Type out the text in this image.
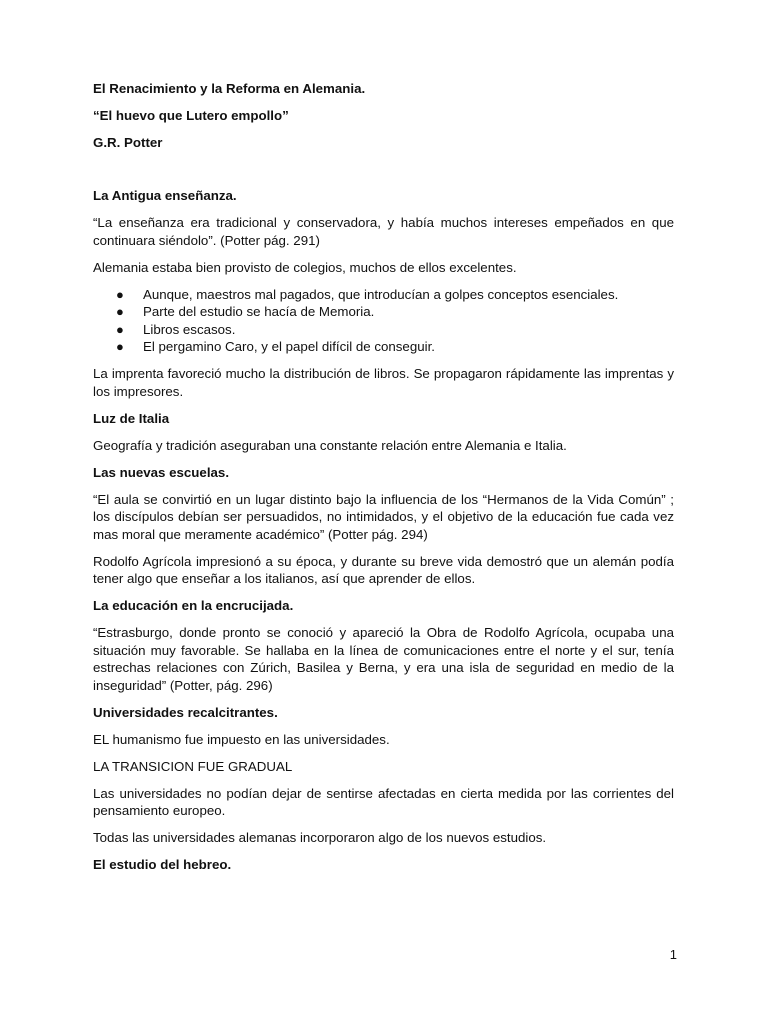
El Renacimiento y la Reforma en Alemania.

“El huevo que Lutero empollo”

G.R. Potter

La Antigua enseñanza.

“La enseñanza era tradicional y conservadora, y había muchos intereses empeñados en que continuara siéndolo”. (Potter pág. 291)

Alemania estaba bien provisto de colegios, muchos de ellos excelentes.

● Aunque, maestros mal pagados, que introducían a golpes conceptos esenciales.
● Parte del estudio se hacía de Memoria.
● Libros escasos.
● El pergamino Caro, y el papel difícil de conseguir.

La imprenta favoreció mucho la distribución de libros. Se propagaron rápidamente las imprentas y los impresores.

Luz de Italia

Geografía y tradición aseguraban una constante relación entre Alemania e Italia.

Las nuevas escuelas.

“El aula se convirtió en un lugar distinto bajo la influencia de los “Hermanos de la Vida Común” ; los discípulos debían ser persuadidos, no intimidados, y el objetivo de la educación fue cada vez mas moral que meramente académico” (Potter pág. 294)

Rodolfo Agrícola impresionó a su época, y durante su breve vida demostró que un alemán podía tener algo que enseñar a los italianos, así que aprender de ellos.

La educación en la encrucijada.

“Estrasburgo, donde pronto se conoció y apareció la Obra de Rodolfo Agrícola, ocupaba una situación muy favorable. Se hallaba en la línea de comunicaciones entre el norte y el sur, tenía estrechas relaciones con Zúrich, Basilea y Berna, y era una isla de seguridad en medio de la inseguridad” (Potter, pág. 296)

Universidades recalcitrantes.

EL humanismo fue impuesto en las universidades.

LA TRANSICION FUE GRADUAL

Las universidades no podían dejar de sentirse afectadas en cierta medida por las corrientes del pensamiento europeo.

Todas las universidades alemanas incorporaron algo de los nuevos estudios.

El estudio del hebreo.

1
